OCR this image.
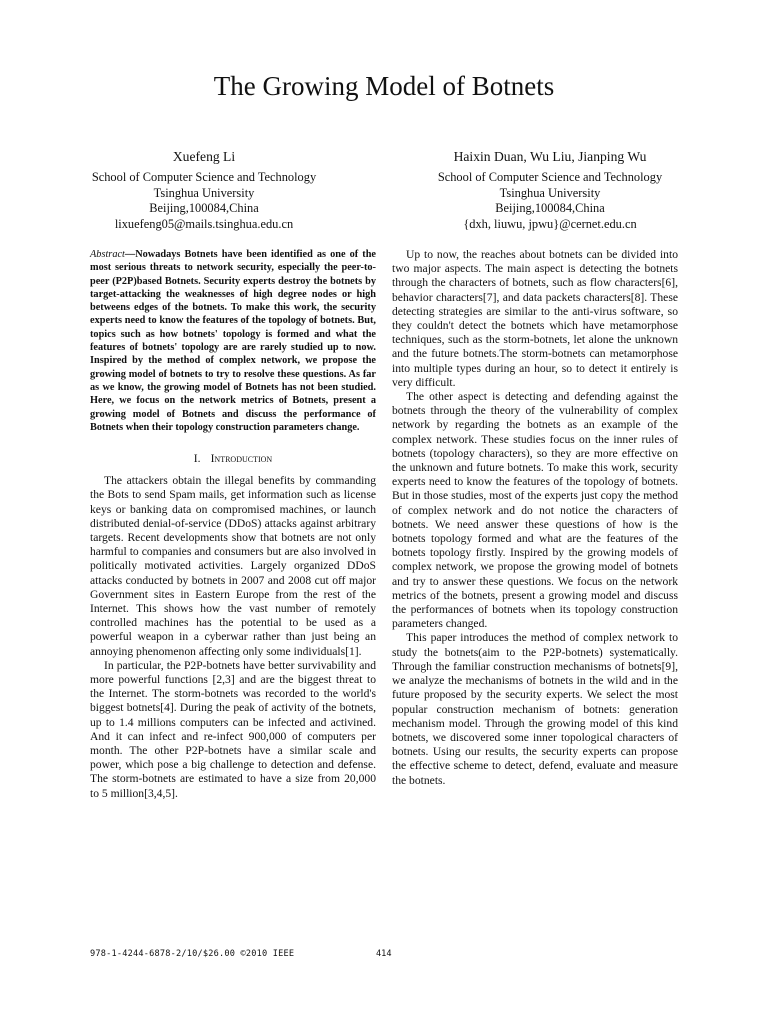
The Growing Model of Botnets
Xuefeng Li
School of Computer Science and Technology
Tsinghua University
Beijing,100084,China
lixuefeng05@mails.tsinghua.edu.cn
Haixin Duan, Wu Liu, Jianping Wu
School of Computer Science and Technology
Tsinghua University
Beijing,100084,China
{dxh, liuwu, jpwu}@cernet.edu.cn

Abstract—Nowadays Botnets have been identified as one of the most serious threats to network security, especially the peer-to-peer (P2P)based Botnets. Security experts destroy the botnets by target-attacking the weaknesses of high degree nodes or high betweens edges of the botnets. To make this work, the security experts need to know the features of the topology of botnets. But, topics such as how botnets' topology is formed and what the features of botnets' topology are are rarely studied up to now. Inspired by the method of complex network, we propose the growing model of botnets to try to resolve these questions. As far as we know, the growing model of Botnets has not been studied. Here, we focus on the network metrics of Botnets, present a growing model of Botnets and discuss the performance of Botnets when their topology construction parameters change.

I. Introduction

The attackers obtain the illegal benefits by commanding the Bots to send Spam mails, get information such as license keys or banking data on compromised machines, or launch distributed denial-of-service (DDoS) attacks against arbitrary targets. Recent developments show that botnets are not only harmful to companies and consumers but are also involved in politically motivated activities. Largely organized DDoS attacks conducted by botnets in 2007 and 2008 cut off major Government sites in Eastern Europe from the rest of the Internet. This shows how the vast number of remotely controlled machines has the potential to be used as a powerful weapon in a cyberwar rather than just being an annoying phenomenon affecting only some individuals[1].

In particular, the P2P-botnets have better survivability and more powerful functions [2,3] and are the biggest threat to the Internet. The storm-botnets was recorded to the world's biggest botnets[4]. During the peak of activity of the botnets, up to 1.4 millions computers can be infected and activined. And it can infect and re-infect 900,000 of computers per month. The other P2P-botnets have a similar scale and power, which pose a big challenge to detection and defense. The storm-botnets are estimated to have a size from 20,000 to 5 million[3,4,5].

Up to now, the reaches about botnets can be divided into two major aspects. The main aspect is detecting the botnets through the characters of botnets, such as flow characters[6], behavior characters[7], and data packets characters[8]. These detecting strategies are similar to the anti-virus software, so they couldn't detect the botnets which have metamorphose techniques, such as the storm-botnets, let alone the unknown and the future botnets.The storm-botnets can metamorphose into multiple types during an hour, so to detect it entirely is very difficult.

The other aspect is detecting and defending against the botnets through the theory of the vulnerability of complex network by regarding the botnets as an example of the complex network. These studies focus on the inner rules of botnets (topology characters), so they are more effective on the unknown and future botnets. To make this work, security experts need to know the features of the topology of botnets. But in those studies, most of the experts just copy the method of complex network and do not notice the characters of botnets. We need answer these questions of how is the botnets topology formed and what are the features of the botnets topology firstly. Inspired by the growing models of complex network, we propose the growing model of botnets and try to answer these questions. We focus on the network metrics of the botnets, present a growing model and discuss the performances of botnets when its topology construction parameters changed.

This paper introduces the method of complex network to study the botnets(aim to the P2P-botnets) systematically. Through the familiar construction mechanisms of botnets[9], we analyze the mechanisms of botnets in the wild and in the future proposed by the security experts. We select the most popular construction mechanism of botnets: generation mechanism model. Through the growing model of this kind botnets, we discovered some inner topological characters of botnets. Using our results, the security experts can propose the effective scheme to detect, defend, evaluate and measure the botnets.

978-1-4244-6878-2/10/$26.00 ©2010 IEEE	414
